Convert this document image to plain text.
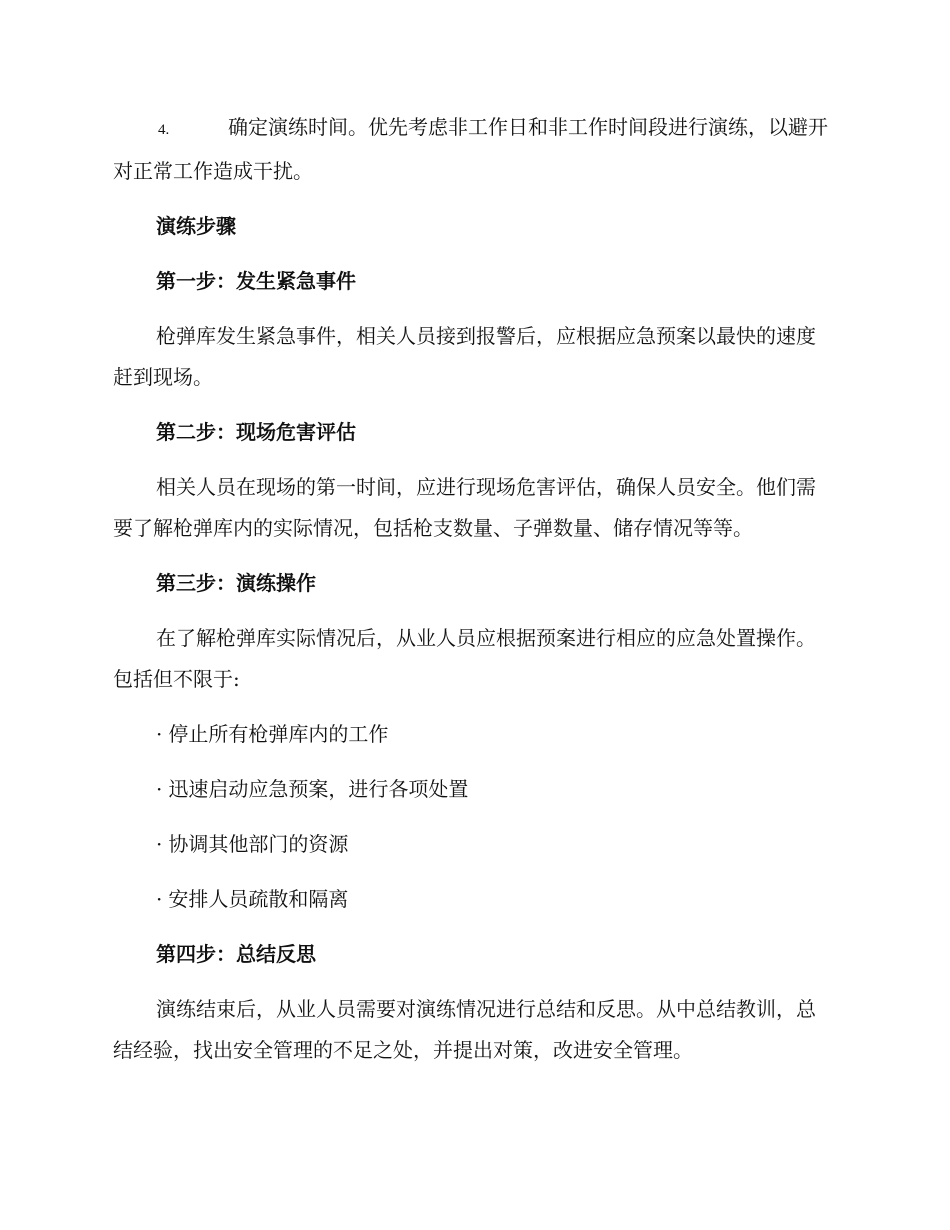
4.	确定演练时间。优先考虑非工作日和非工作时间段进行演练，以避开对正常工作造成干扰。

演练步骤
第一步：发生紧急事件

枪弹库发生紧急事件，相关人员接到报警后，应根据应急预案以最快的速度赶到现场。

第二步：现场危害评估

相关人员在现场的第一时间，应进行现场危害评估，确保人员安全。他们需要了解枪弹库内的实际情况，包括枪支数量、子弹数量、储存情况等等。

第三步：演练操作

在了解枪弹库实际情况后，从业人员应根据预案进行相应的应急处置操作。包括但不限于:

· 停止所有枪弹库内的工作
· 迅速启动应急预案，进行各项处置
· 协调其他部门的资源
· 安排人员疏散和隔离
第四步：总结反思

演练结束后，从业人员需要对演练情况进行总结和反思。从中总结教训，总结经验，找出安全管理的不足之处，并提出对策，改进安全管理。
